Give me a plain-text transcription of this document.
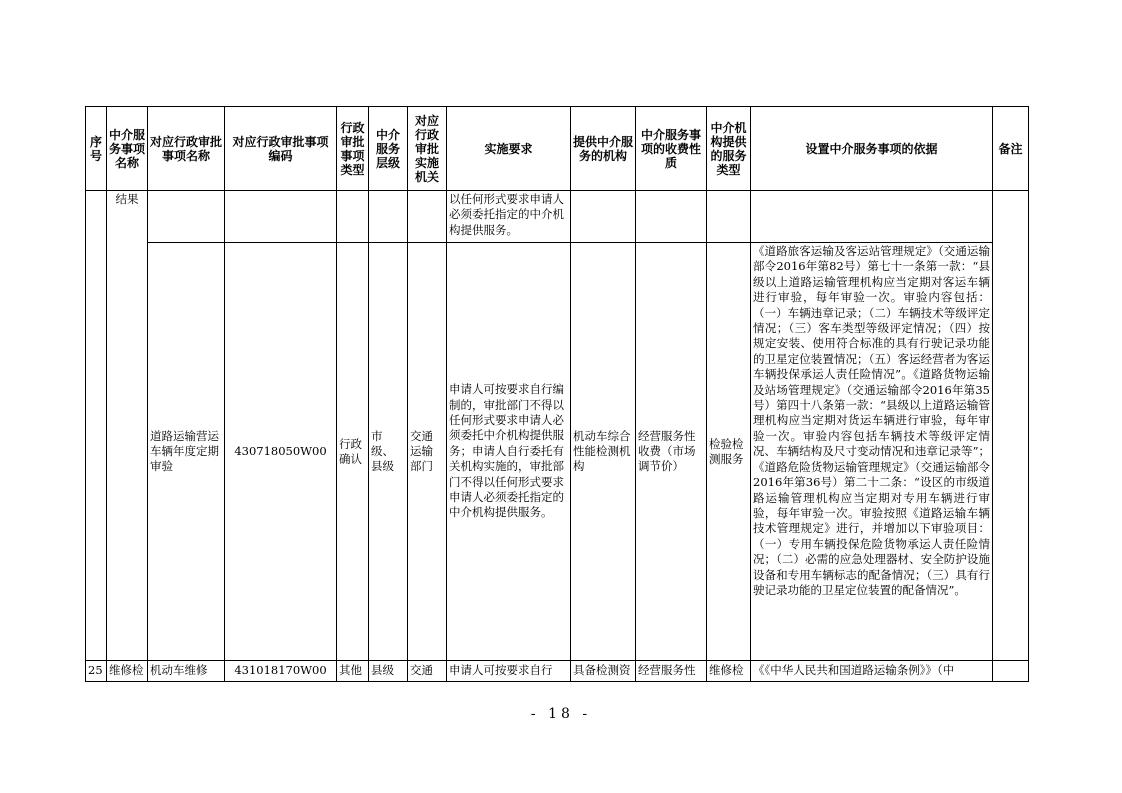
序号	中介服务事项名称	对应行政审批事项名称	对应行政审批事项编码	行政审批事项类型	中介服务层级	对应行政审批实施机关	实施要求	提供中介服务的机构	中介服务事项的收费性质	中介机构提供的服务类型	设置中介服务事项的依据	备注
	结果						以任何形式要求申请人必须委托指定的中介机构提供服务。					
		道路运输营运车辆年度定期审验	430718050W00	行政确认	市级、县级	交通运输部门	申请人可按要求自行编制的，审批部门不得以任何形式要求申请人必须委托中介机构提供服务；申请人自行委托有关机构实施的，审批部门不得以任何形式要求申请人必须委托指定的中介机构提供服务。	机动车综合性能检测机构	经营服务性收费（市场调节价）	检验检测服务	《道路旅客运输及客运站管理规定》（交通运输部令2016年第82号）第七十一条第一款：“县级以上道路运输管理机构应当定期对客运车辆进行审验，每年审验一次。审验内容包括：（一）车辆违章记录；（二）车辆技术等级评定情况；（三）客车类型等级评定情况；（四）按规定安装、使用符合标准的具有行驶记录功能的卫星定位装置情况；（五）客运经营者为客运车辆投保承运人责任险情况”。《道路货物运输及站场管理规定》（交通运输部令2016年第35号）第四十八条第一款：“县级以上道路运输管理机构应当定期对货运车辆进行审验，每年审验一次。审验内容包括车辆技术等级评定情况、车辆结构及尺寸变动情况和违章记录等”；《道路危险货物运输管理规定》（交通运输部令2016年第36号）第二十二条：“设区的市级道路运输管理机构应当定期对专用车辆进行审验，每年审验一次。审验按照《道路运输车辆技术管理规定》进行，并增加以下审验项目：（一）专用车辆投保危险货物承运人责任险情况；（二）必需的应急处理器材、安全防护设施设备和专用车辆标志的配备情况；（三）具有行驶记录功能的卫星定位装置的配备情况”。	
25	维修检	机动车维修	431018170W00	其他	县级	交通	申请人可按要求自行	具备检测资	经营服务性	维修检	《《中华人民共和国道路运输条例》》（中	
- 18 -
